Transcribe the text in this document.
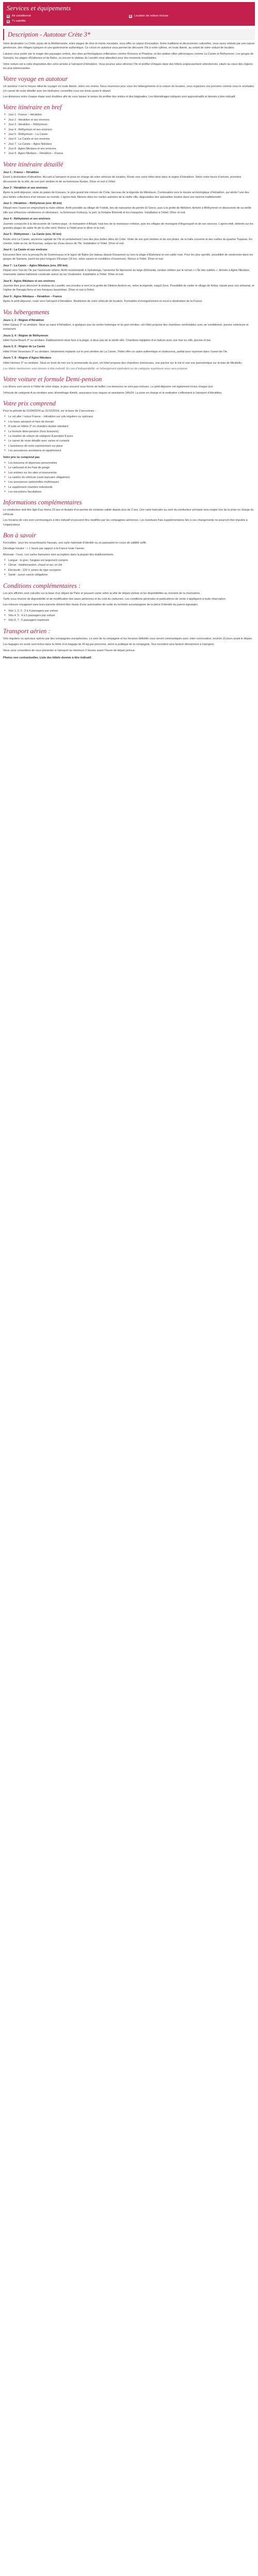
Services et équipements
Air conditionné	Location de voiture incluse
Tv satellite
Description - Autotour Crète 3*

Votre destination La Crète, joyau de la Méditerranée, entre plages de rêve et monts escarpés, vous offre un séjour d’exception. Entre traditions et découvertes culturelles, vous serez séduits par une nature généreuse, des villages typiques et une gastronomie authentique. Ce circuit en autotour vous permet de découvrir l’île à votre rythme, en toute liberté, au volant de votre voiture de location.

Laissez-vous porter par la magie des paysages crétois, des sites archéologiques millénaires comme Knossos et Phaistos, et des petites villes pittoresques comme La Canée et Réthymnon. Les gorges de Samaria, les plages d’Elafonissi et de Balos, ou encore le plateau du Lassithi vous attendent pour des moments inoubliables.

Votre voiture est à votre disposition dès votre arrivée à l’aéroport d’Héraklion. Vous pourrez ainsi sillonner l’île et profiter d’étapes dans des hôtels soigneusement sélectionnés, situés au cœur des régions les plus intéressantes.

Votre voyage en autotour

Un autotour c’est le moyen idéal de voyager en toute liberté, selon vos envies. Nous réservons pour vous les hébergements et la voiture de location, vous organisez vos journées comme vous le souhaitez. Un carnet de route détaillé avec les itinéraires conseillés vous est remis avant le départ.

Les distances entre chaque étape sont étudiées afin de vous laisser le temps de profiter des visites et des baignades. Les kilométrages indiqués sont approximatifs et donnés à titre indicatif.

Votre itinéraire en bref
● Jour 1 : France – Héraklion
● Jour 2 : Héraklion et ses environs
● Jour 3 : Héraklion – Réthymnon
● Jour 4 : Réthymnon et ses environs
● Jour 5 : Réthymnon – La Canée
● Jour 6 : La Canée et ses environs
● Jour 7 : La Canée – Agios Nikolaos
● Jour 8 : Agios Nikolaos et ses environs
● Jour 9 : Agios Nikolaos – Héraklion – France
Votre itinéraire détaillé
Jour 1 : France – Héraklion

Envol à destination d’Héraklion. Accueil à l’aéroport et prise en charge de votre véhicule de location. Route vers votre hôtel situé dans la région d’Héraklion. Selon votre heure d’arrivée, première découverte de la ville, de son port vénitien et de sa forteresse Koules. Dîner et nuit à l’hôtel.

Jour 2 : Héraklion et ses environs

Après le petit-déjeuner, visite du palais de Knossos, le plus grand site minoen de Crète, berceau de la légende du Minotaure. Continuation vers le musée archéologique d’Héraklion, qui abrite l’une des plus belles collections d’art minoen au monde. L’après-midi, flânerie dans les ruelles animées de la vieille ville, dégustation des spécialités locales dans une taverne traditionnelle.

Jour 3 : Héraklion – Réthymnon (env. 80 km)

Départ vers l’ouest en empruntant la route côtière. Arrêt possible au village de Fodele, lieu de naissance du peintre El Greco, puis à la grotte de Melidoni. Arrivée à Réthymnon et découverte de sa vieille ville aux influences vénitiennes et ottomanes : la forteresse Fortezza, le port, la fontaine Rimondi et les mosquées. Installation à l’hôtel. Dîner et nuit.

Jour 4 : Réthymnon et ses environs

Journée consacrée à la découverte de l’arrière-pays : le monastère d’Arkadi, haut lieu de la résistance crétoise, puis les villages de montagne d’Argyroupoli et de ses sources. L’après-midi, détente sur les grandes plages de sable fin de la côte nord. Retour à l’hôtel pour le dîner et la nuit.

Jour 5 : Réthymnon – La Canée (env. 60 km)

Route vers La Canée, ancienne capitale de l’île et certainement l’une des plus belles villes de Crète. Visite de son port vénitien et de son phare, de la halle couverte et des ruelles du quartier Topanas. En chemin, halte au lac de Kournas, unique lac d’eau douce de l’île. Installation à l’hôtel. Dîner et nuit.

Jour 6 : La Canée et ses environs

Excursion libre vers la presqu’île de Gramvoussa et le lagon de Balos (en bateau depuis Kissamos) ou vers la plage d’Elafonissi et son sable rosé. Pour les plus sportifs, possibilité de randonnée dans les gorges de Samaria, parmi les plus longues d’Europe (16 km, selon saison et conditions d’ouverture). Retour à l’hôtel. Dîner et nuit.

Jour 7 : La Canée – Agios Nikolaos (env. 200 km)

Départ vers l’est de l’île par l’autoroute côtière. Arrêt recommandé à Spinalonga, l’ancienne île léproserie au large d’Elounda, rendue célèbre par le roman « L’Île des oubliés ». Arrivée à Agios Nikolaos, charmante station balnéaire construite autour du lac Voulismeni. Installation à l’hôtel. Dîner et nuit.

Jour 8 : Agios Nikolaos et ses environs

Journée libre pour découvrir le plateau du Lassithi, ses moulins à vent et la grotte de Dikteon Andron où, selon la légende, naquit Zeus. Possibilité de visiter le village de Kritsa, réputé pour son artisanat, et l’église de Panagia Kera et ses fresques byzantines. Dîner et nuit à l’hôtel.

Jour 9 : Agios Nikolaos – Héraklion – France

Après le petit-déjeuner, route vers l’aéroport d’Héraklion. Restitution de votre véhicule de location. Formalités d’enregistrement et envol à destination de la France.

Vos hébergements
Jours 1, 2 : Région d’Héraklion

Hôtel Galaxy 3* ou similaire. Situé au cœur d’Héraklion, à quelques pas du centre historique et du port vénitien, cet hôtel propose des chambres confortables avec air conditionné, piscine extérieure et restaurant.

Jours 3, 4 : Région de Réthymnon

Hôtel Kyma Beach 3* ou similaire. Établissement situé face à la plage, à deux pas de la vieille ville. Chambres équipées d’un balcon avec vue mer ou ville, piscine et bar.

Jours 5, 6 : Région de La Canée

Hôtel Porto Veneziano 3* ou similaire. Idéalement implanté sur le port vénitien de La Canée, l’hôtel offre un cadre authentique et chaleureux, parfait pour rayonner dans l’ouest de l’île.

Jours 7, 8 : Région d’Agios Nikolaos

Hôtel Hermes 3* ou similaire. Situé en bord de mer sur la promenade du port, cet hôtel propose des chambres lumineuses, une piscine sur le toit et une vue panoramique sur la baie de Mirabello.

Les hôtels mentionnés sont donnés à titre indicatif. En cas d’indisponibilité, un hébergement équivalent ou de catégorie supérieure vous sera proposé.

Votre voiture et formule Demi-pension

Les dîners sont servis à l’hôtel de votre étape, le plus souvent sous forme de buffet. Les boissons ne sont pas incluses. Le petit-déjeuner est également inclus chaque jour.

Véhicule de catégorie A ou similaire avec kilométrage illimité, assurance tous risques et assistance 24h/24. La prise en charge et la restitution s’effectuent à l’aéroport d’Héraklion.

Votre prix comprend

Pour la période du 01/04/2024 au 31/10/2024, sur la base de 2 personnes :

● Le vol aller / retour France – Héraklion sur vols réguliers ou spéciaux
● Les taxes aéroport et frais de dossier
● 8 nuits en hôtels 3* en chambre double standard
● La formule demi-pension (hors boissons)
● La location de voiture de catégorie A pendant 8 jours
● Le carnet de route détaillé avec cartes et conseils
● L’assistance de notre représentant sur place
● Les assurances assistance et rapatriement
Votre prix ne comprend pas
● Les boissons et dépenses personnelles
● Le carburant et les frais de péage
● Les entrées sur les sites et monuments
● La caution du véhicule (carte bancaire obligatoire)
● Les assurances optionnelles multirisques
● Le supplément chambre individuelle
● Les excursions facultatives
Informations complémentaires

Le conducteur doit être âgé d’au moins 23 ans et titulaire d’un permis de conduire valide depuis plus de 2 ans. Une carte bancaire au nom du conducteur principal sera exigée lors de la prise en charge du véhicule.

Les horaires de vols sont communiqués à titre indicatif et peuvent être modifiés par les compagnies aériennes. Les éventuels frais supplémentaires liés à ces changements ne pourront être imputés à l’organisateur.

Bon à savoir

Formalités : pour les ressortissants français, une carte nationale d’identité ou un passeport en cours de validité suffit.

Décalage horaire : + 1 heure par rapport à la France toute l’année.

Monnaie : l’euro. Les cartes bancaires sont acceptées dans la plupart des établissements.

● Langue : le grec, l’anglais est largement compris
● Climat : méditerranéen, chaud et sec en été
● Électricité : 220 V, prises de type européen
● Santé : aucun vaccin obligatoire
Conditions complémentaires :

Les prix affichés sont calculés sur la base d’un départ de Paris et peuvent varier selon la ville de départ choisie et les disponibilités au moment de la réservation.

Tarifs sous réserve de disponibilité et de modification des taxes aériennes et du coût du carburant. Les conditions générales et particulières de vente s’appliquent à toute réservation.

Les mineurs voyageant sans leurs parents doivent être munis d’une autorisation de sortie du territoire accompagnée de la pièce d’identité du parent signataire.

● Vols 1, 2, 3 : 2 à 4 passagers par voiture
● Vols 4, 5 : 4 à 5 passagers par voiture
● Vols 6, 7 : 5 passagers maximum
Transport aérien :

Vols réguliers ou spéciaux opérés par des compagnies européennes. Le nom de la compagnie et les horaires définitifs vous seront communiqués avec votre convocation, environ 10 jours avant le départ.

Les bagages en soute sont inclus dans la limite d’un bagage de 20 kg par personne, selon la politique de la compagnie. Tout excédent sera facturé directement à l’aéroport.

Nous vous conseillons de vous présenter à l’aéroport au minimum 2 heures avant l’heure de départ prévue.

Photos non contractuelles. Liste des hôtels donnée à titre indicatif.
